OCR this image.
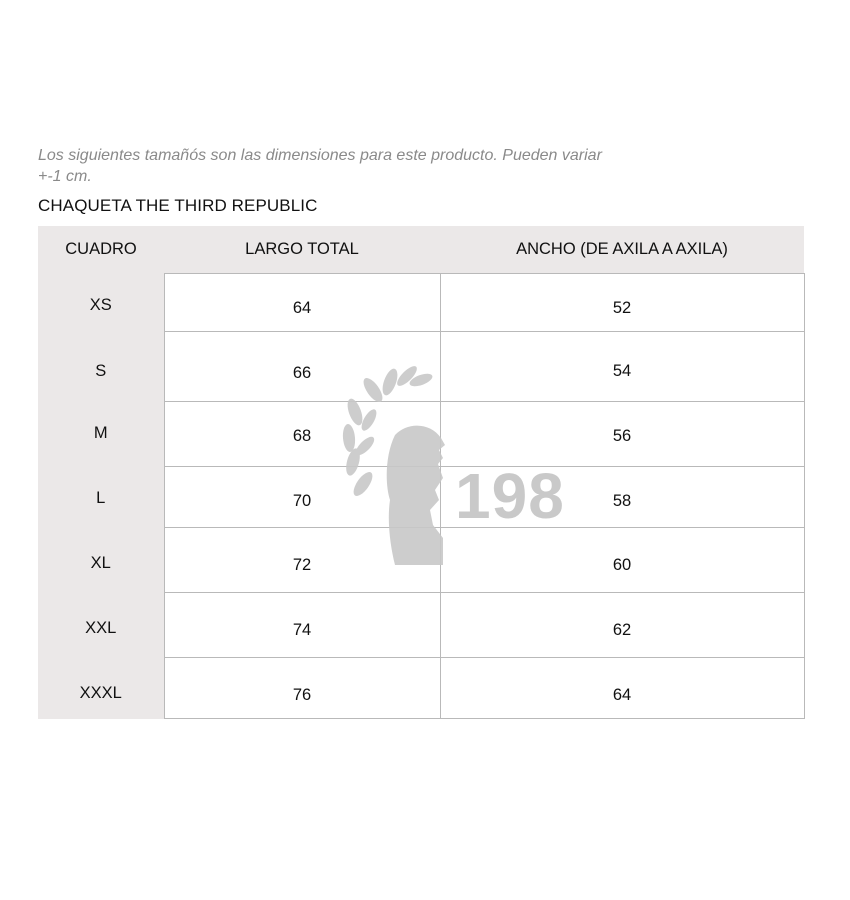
Los siguientes tamañós son las dimensiones para este producto. Pueden variar
+-1 cm.
CHAQUETA THE THIRD REPUBLIC
CUADRO	LARGO TOTAL	ANCHO (DE AXILA A AXILA)
XS	64	52
S	66	54
M	68	56
L	70	58
XL	72	60
XXL	74	62
XXXL	76	64
198
